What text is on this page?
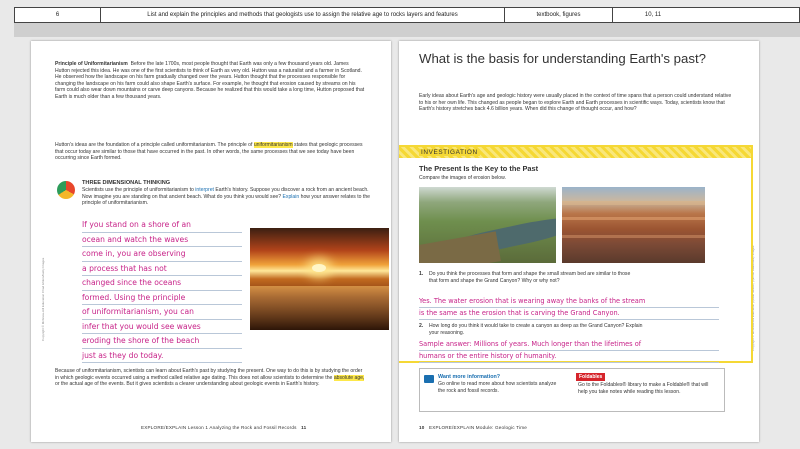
6	List and explain the principles and methods that geologists use to assign the relative age to rocks layers and features	textbook, figures	10, 11
Copyright © McGraw-Hill Education Chad Ehlers/Getty Images
Principle of Uniformitarianism Before the late 1700s, most people thought that Earth was only a few thousand years old. James Hutton rejected this idea. He was one of the first scientists to think of Earth as very old. Hutton was a naturalist and a farmer in Scotland. He observed how the landscape on his farm gradually changed over the years. Hutton thought that the processes responsible for changing the landscape on his farm could also shape Earth's surface. For example, he thought that erosion caused by streams on his farm could also wear down mountains or carve deep canyons. Because he realized that this would take a long time, Hutton proposed that Earth is much older than a few thousand years.
Hutton's ideas are the foundation of a principle called uniformitarianism. The principle of uniformitarianism states that geologic processes that occur today are similar to those that have occurred in the past. In other words, the same processes that we see today have been occurring since Earth formed.
THREE DIMENSIONAL THINKING
Scientists use the principle of uniformitarianism to interpret Earth's history. Suppose you discover a rock from an ancient beach. Now imagine you are standing on that ancient beach. What do you think you would see? Explain how your answer relates to the principle of uniformitarianism.
If you stand on a shore of an
ocean and watch the waves
come in, you are observing
a process that has not
changed since the oceans
formed. Using the principle
of uniformitarianism, you can
infer that you would see waves
eroding the shore of the beach
just as they do today.
Because of uniformitarianism, scientists can learn about Earth's past by studying the present. One way to do this is by studying the order in which geologic events occurred using a method called relative age dating. This does not allow scientists to determine the absolute age, or the actual age of the events. But it gives scientists a clearer understanding about geologic events in Earth's history.
EXPLORE/EXPLAIN Lesson 1 Analyzing the Rock and Fossil Records 11
Copyright © McGraw-Hill Education (t)Dale Nelson, (r)Ernst Haas/Getty Images
What is the basis for understanding Earth's past?
Early ideas about Earth's age and geologic history were usually placed in the context of time spans that a person could understand relative to his or her own life. This changed as people began to explore Earth and Earth processes in scientific ways. Today, scientists know that Earth's history stretches back 4.6 billion years. When did this change of thought occur, and how?
INVESTIGATION
The Present Is the Key to the Past
Compare the images of erosion below.
1. Do you think the processes that form and shape the small stream bed are similar to those that form and shape the Grand Canyon? Why or why not?
Yes. The water erosion that is wearing away the banks of the stream
is the same as the erosion that is carving the Grand Canyon.
2. How long do you think it would take to create a canyon as deep as the Grand Canyon? Explain your reasoning.
Sample answer: Millions of years. Much longer than the lifetimes of
humans or the entire history of humanity.
Want more information?
Go online to read more about how scientists analyze the rock and fossil records.
Foldables
Go to the Foldables® library to make a Foldable® that will help you take notes while reading this lesson.
10 EXPLORE/EXPLAIN Module: Geologic Time
